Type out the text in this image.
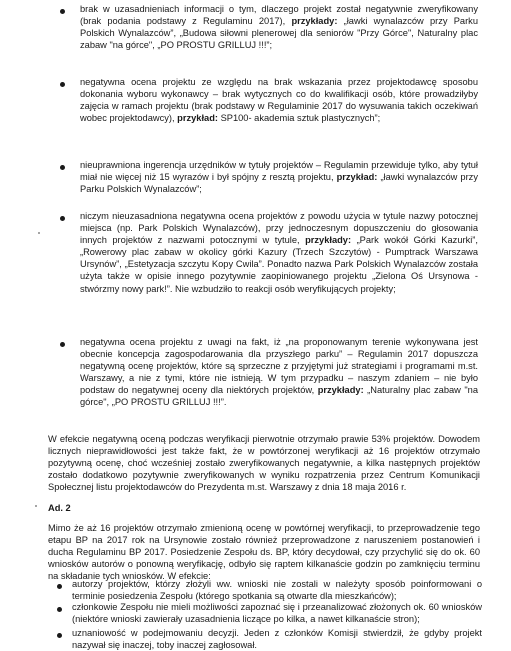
brak w uzasadnieniach informacji o tym, dlaczego projekt został negatywnie zweryfikowany (brak podania podstawy z Regulaminu 2017), przykłady: „ławki wynalazców przy Parku Polskich Wynalazców”, „Budowa siłowni plenerowej dla seniorów "Przy Górce", Naturalny plac zabaw "na górce", „PO PROSTU GRILLUJ !!!”;
negatywna ocena projektu ze względu na brak wskazania przez projektodawcę sposobu dokonania wyboru wykonawcy – brak wytycznych co do kwalifikacji osób, które prowadziłyby zajęcia w ramach projektu (brak podstawy w Regulaminie 2017 do wysuwania takich oczekiwań wobec projektodawcy), przykład: SP100- akademia sztuk plastycznych”;
nieuprawniona ingerencja urzędników w tytuły projektów – Regulamin przewiduje tylko, aby tytuł miał nie więcej niż 15 wyrazów i był spójny z resztą projektu, przykład: „ławki wynalazców przy Parku Polskich Wynalazców”;
niczym nieuzasadniona negatywna ocena projektów z powodu użycia w tytule nazwy potocznej miejsca (np. Park Polskich Wynalazców), przy jednoczesnym dopuszczeniu do głosowania innych projektów z nazwami potocznymi w tytule, przykłady: „Park wokół Górki Kazurki”, „Rowerowy plac zabaw w okolicy górki Kazury (Trzech Szczytów) - Pumptrack Warszawa Ursynów”, „Estetyzacja szczytu Kopy Cwila”. Ponadto nazwa Park Polskich Wynalazców została użyta także w opisie innego pozytywnie zaopiniowanego projektu „Zielona Oś Ursynowa - stwórzmy nowy park!”. Nie wzbudziło to reakcji osób weryfikujących projekty;
negatywna ocena projektu z uwagi na fakt, iż „na proponowanym terenie wykonywana jest obecnie koncepcja zagospodarowania dla przyszłego parku” – Regulamin 2017 dopuszcza negatywną ocenę projektów, które są sprzeczne z przyjętymi już strategiami i programami m.st. Warszawy, a nie z tymi, które nie istnieją. W tym przypadku – naszym zdaniem – nie było podstaw do negatywnej oceny dla niektórych projektów, przykłady: „Naturalny plac zabaw "na górce", „PO PROSTU GRILLUJ !!!”.
W efekcie negatywną oceną podczas weryfikacji pierwotnie otrzymało prawie 53% projektów. Dowodem licznych nieprawidłowości jest także fakt, że w powtórzonej weryfikacji aż 16 projektów otrzymało pozytywną ocenę, choć wcześniej zostało zweryfikowanych negatywnie, a kilka następnych projektów zostało dodatkowo pozytywnie zweryfikowanych w wyniku rozpatrzenia przez Centrum Komunikacji Społecznej listu projektodawców do Prezydenta m.st. Warszawy z dnia 18 maja 2016 r.
Ad. 2
Mimo że aż 16 projektów otrzymało zmienioną ocenę w powtórnej weryfikacji, to przeprowadzenie tego etapu BP na 2017 rok na Ursynowie zostało również przeprowadzone z naruszeniem postanowień i ducha Regulaminu BP 2017. Posiedzenie Zespołu ds. BP, który decydował, czy przychylić się do ok. 60 wniosków autorów o ponowną weryfikację, odbyło się raptem kilkanaście godzin po zamknięciu terminu na składanie tych wniosków. W efekcie:
autorzy projektów, którzy złożyli ww. wnioski nie zostali w należyty sposób poinformowani o terminie posiedzenia Zespołu (którego spotkania są otwarte dla mieszkańców);
członkowie Zespołu nie mieli możliwości zapoznać się i przeanalizować złożonych ok. 60 wniosków (niektóre wnioski zawierały uzasadnienia liczące po kilka, a nawet kilkanaście stron);
uznaniowość w podejmowaniu decyzji. Jeden z członków Komisji stwierdził, że gdyby projekt nazywał się inaczej, toby inaczej zagłosował.
